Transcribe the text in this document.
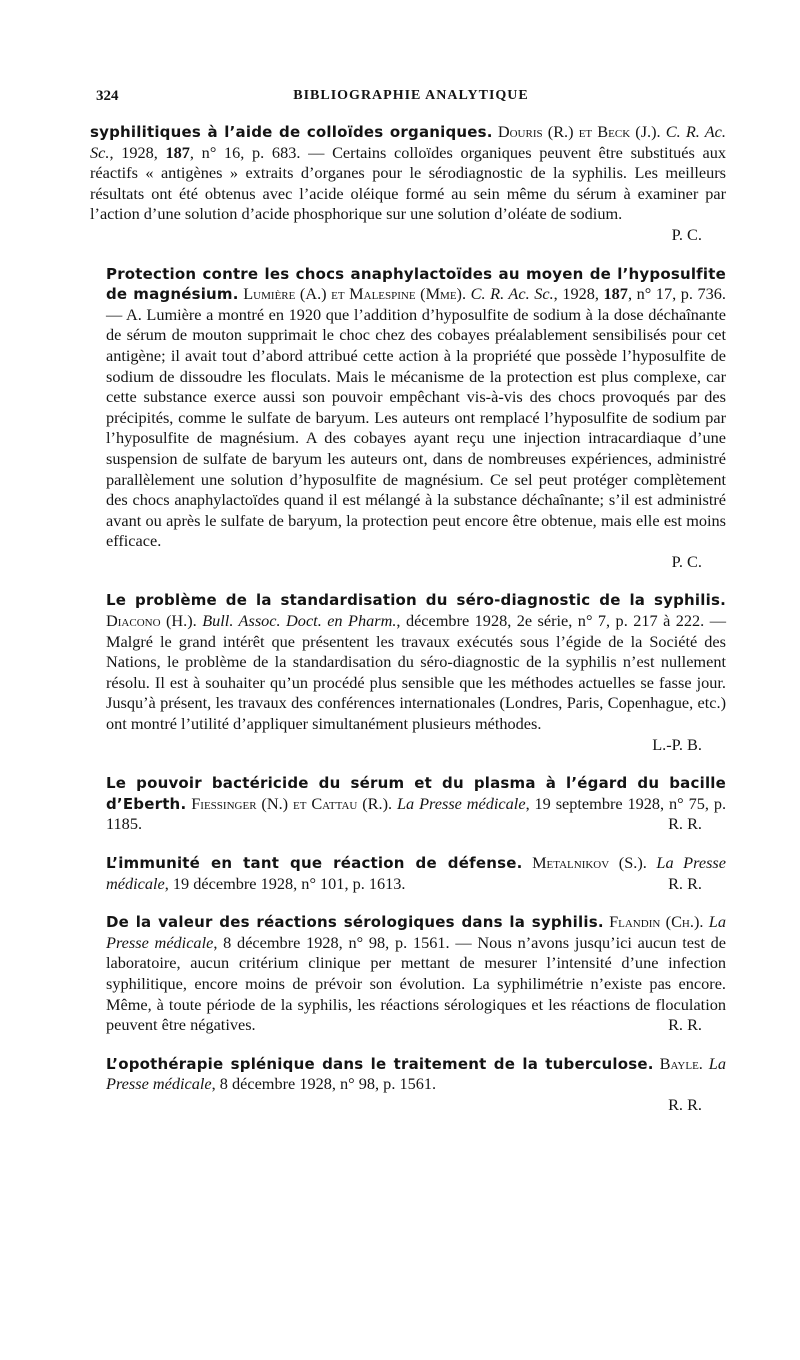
324	BIBLIOGRAPHIE ANALYTIQUE

syphilitiques à l’aide de colloïdes organiques. Douris (R.) et Beck (J.). C. R. Ac. Sc., 1928, 187, n° 16, p. 683. — Certains colloïdes organiques peuvent être substitués aux réactifs « antigènes » extraits d’organes pour le sérodiagnostic de la syphilis. Les meilleurs résultats ont été obtenus avec l’acide oléique formé au sein même du sérum à examiner par l’action d’une solution d’acide phosphorique sur une solution d’oléate de sodium.
P. C.

Protection contre les chocs anaphylactoïdes au moyen de l’hyposulfite de magnésium. Lumière (A.) et Malespine (Mme). C. R. Ac. Sc., 1928, 187, n° 17, p. 736. — A. Lumière a montré en 1920 que l’addition d’hyposulfite de sodium à la dose déchaînante de sérum de mouton supprimait le choc chez des cobayes préalablement sensibilisés pour cet antigène; il avait tout d’abord attribué cette action à la propriété que possède l’hyposulfite de sodium de dissoudre les floculats. Mais le mécanisme de la protection est plus complexe, car cette substance exerce aussi son pouvoir empêchant vis-à-vis des chocs provoqués par des précipités, comme le sulfate de baryum. Les auteurs ont remplacé l’hyposulfite de sodium par l’hyposulfite de magnésium. A des cobayes ayant reçu une injection intracardiaque d’une suspension de sulfate de baryum les auteurs ont, dans de nombreuses expériences, administré parallèlement une solution d’hyposulfite de magnésium. Ce sel peut protéger complètement des chocs anaphylactoïdes quand il est mélangé à la substance déchaînante; s’il est administré avant ou après le sulfate de baryum, la protection peut encore être obtenue, mais elle est moins efficace.
P. C.

Le problème de la standardisation du séro-diagnostic de la syphilis. Diacono (H.). Bull. Assoc. Doct. en Pharm., décembre 1928, 2e série, n° 7, p. 217 à 222. — Malgré le grand intérêt que présentent les travaux exécutés sous l’égide de la Société des Nations, le problème de la standardisation du séro-diagnostic de la syphilis n’est nullement résolu. Il est à souhaiter qu’un procédé plus sensible que les méthodes actuelles se fasse jour. Jusqu’à présent, les travaux des conférences internationales (Londres, Paris, Copenhague, etc.) ont montré l’utilité d’appliquer simultanément plusieurs méthodes.
L.-P. B.

Le pouvoir bactéricide du sérum et du plasma à l’égard du bacille d’Eberth. Fiessinger (N.) et Cattau (R.). La Presse médicale, 19 septembre 1928, n° 75, p. 1185.	R. R.

L’immunité en tant que réaction de défense. Metalnikov (S.). La Presse médicale, 19 décembre 1928, n° 101, p. 1613.	R. R.

De la valeur des réactions sérologiques dans la syphilis. Flandin (Ch.). La Presse médicale, 8 décembre 1928, n° 98, p. 1561. — Nous n’avons jusqu’ici aucun test de laboratoire, aucun critérium clinique per mettant de mesurer l’intensité d’une infection syphilitique, encore moins de prévoir son évolution. La syphilimétrie n’existe pas encore. Même, à toute période de la syphilis, les réactions sérologiques et les réactions de floculation peuvent être négatives.	R. R.

L’opothérapie splénique dans le traitement de la tuberculose. Bayle. La Presse médicale, 8 décembre 1928, n° 98, p. 1561.
R. R.
